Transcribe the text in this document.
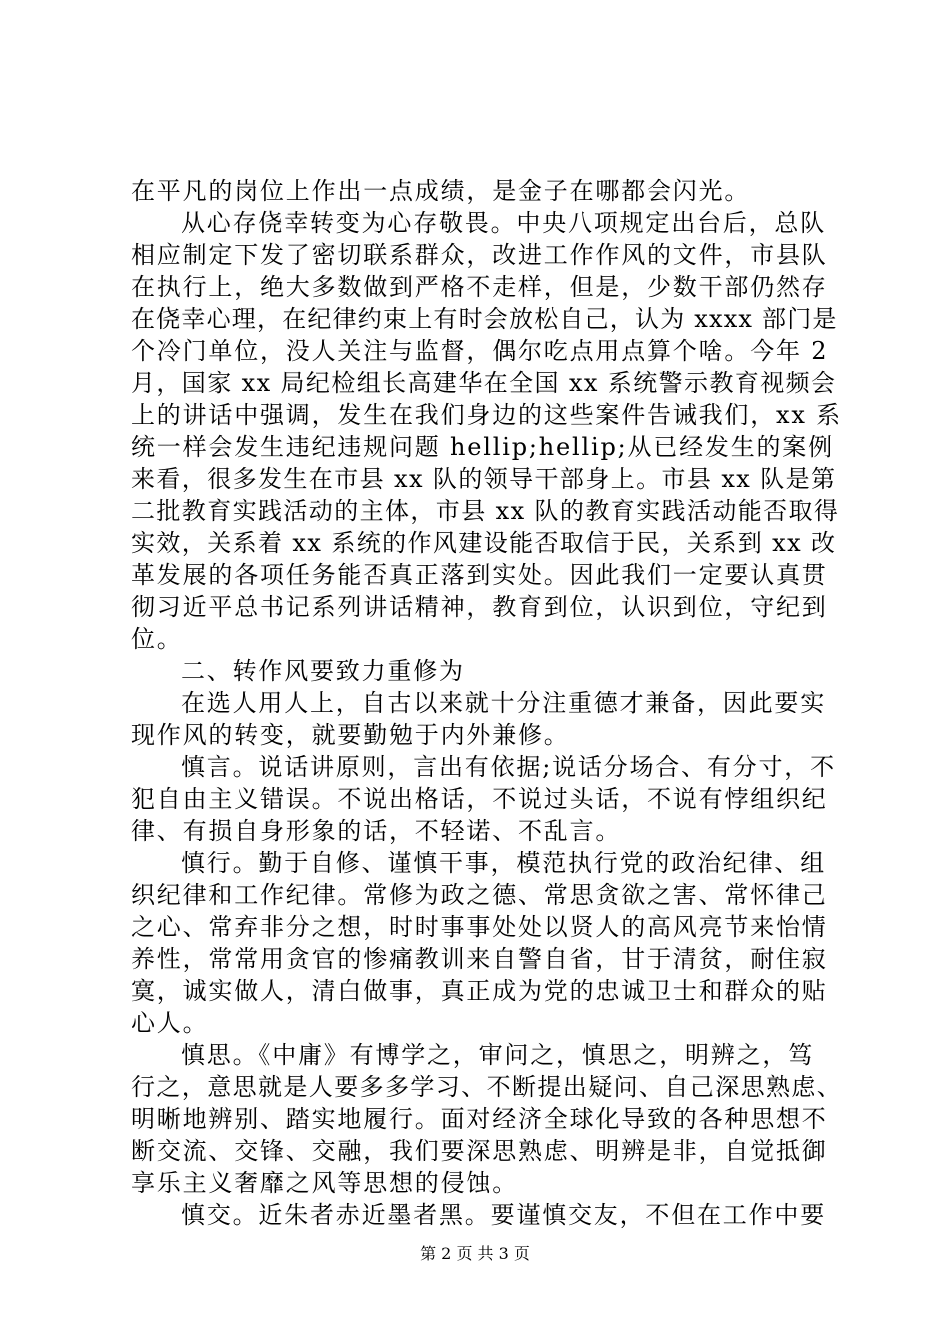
在平凡的岗位上作出一点成绩，是金子在哪都会闪光。
从心存侥幸转变为心存敬畏。中央八项规定出台后，总队
相应制定下发了密切联系群众，改进工作作风的文件，市县队
在执行上，绝大多数做到严格不走样，但是，少数干部仍然存
在侥幸心理，在纪律约束上有时会放松自己，认为 xxxx 部门是
个冷门单位，没人关注与监督，偶尔吃点用点算个啥。今年 2
月，国家 xx 局纪检组长高建华在全国 xx 系统警示教育视频会
上的讲话中强调，发生在我们身边的这些案件告诫我们，xx 系
统一样会发生违纪违规问题 hellip;hellip;从已经发生的案例
来看，很多发生在市县 xx 队的领导干部身上。市县 xx 队是第
二批教育实践活动的主体，市县 xx 队的教育实践活动能否取得
实效，关系着 xx 系统的作风建设能否取信于民，关系到 xx 改
革发展的各项任务能否真正落到实处。因此我们一定要认真贯
彻习近平总书记系列讲话精神，教育到位，认识到位，守纪到
位。
二、转作风要致力重修为
在选人用人上，自古以来就十分注重德才兼备，因此要实
现作风的转变，就要勤勉于内外兼修。
慎言。说话讲原则，言出有依据;说话分场合、有分寸，不
犯自由主义错误。不说出格话，不说过头话，不说有悖组织纪
律、有损自身形象的话，不轻诺、不乱言。
慎行。勤于自修、谨慎干事，模范执行党的政治纪律、组
织纪律和工作纪律。常修为政之德、常思贪欲之害、常怀律己
之心、常弃非分之想，时时事事处处以贤人的高风亮节来怡情
养性，常常用贪官的惨痛教训来自警自省，甘于清贫，耐住寂
寞，诚实做人，清白做事，真正成为党的忠诚卫士和群众的贴
心人。
慎思。《中庸》有博学之，审问之，慎思之，明辨之，笃
行之，意思就是人要多多学习、不断提出疑问、自己深思熟虑、
明晰地辨别、踏实地履行。面对经济全球化导致的各种思想不
断交流、交锋、交融，我们要深思熟虑、明辨是非，自觉抵御
享乐主义奢靡之风等思想的侵蚀。
慎交。近朱者赤近墨者黑。要谨慎交友，不但在工作中要
第 2 页 共 3 页
